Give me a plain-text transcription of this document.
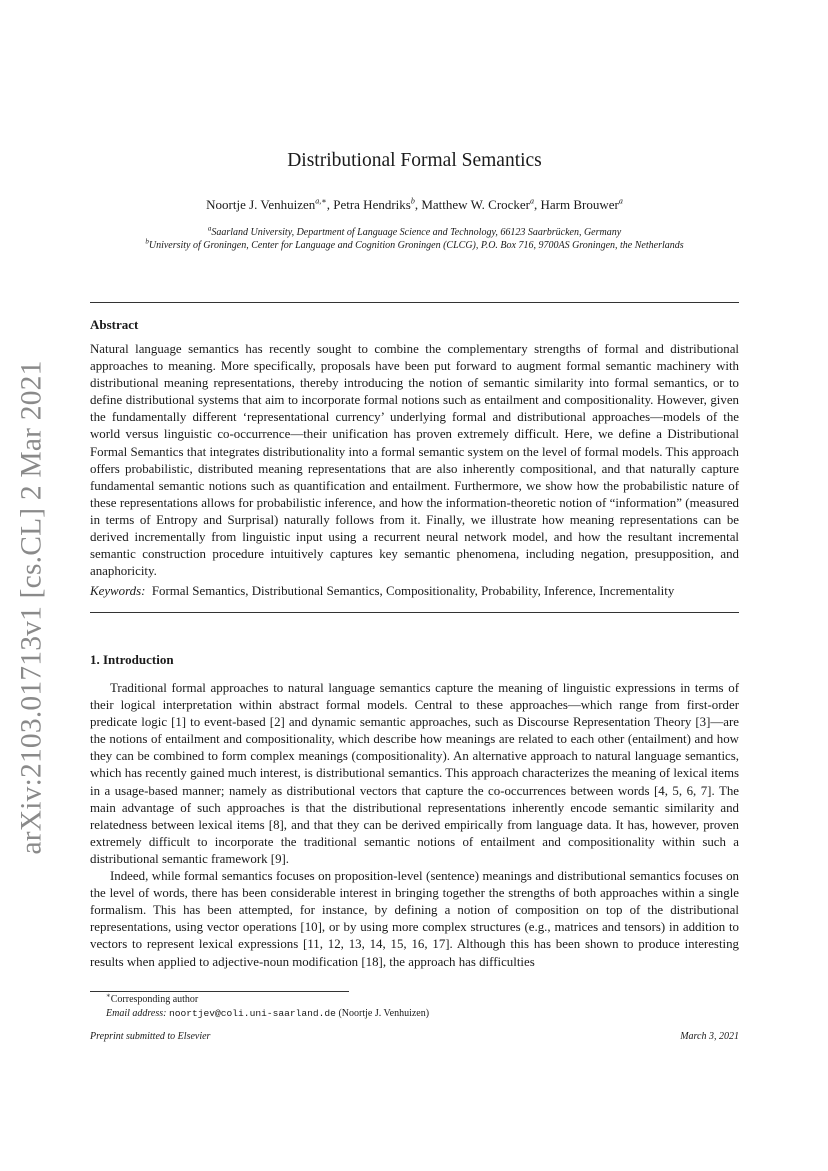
arXiv:2103.01713v1 [cs.CL] 2 Mar 2021
Distributional Formal Semantics
Noortje J. Venhuizen$^{a,∗}$, Petra Hendriks$^b$, Matthew W. Crocker$^a$, Harm Brouwer$^a$
$^a$Saarland University, Department of Language Science and Technology, 66123 Saarbrücken, Germany
$^b$University of Groningen, Center for Language and Cognition Groningen (CLCG), P.O. Box 716, 9700AS Groningen, the Netherlands
Abstract

Natural language semantics has recently sought to combine the complementary strengths of formal and distributional approaches to meaning. More specifically, proposals have been put forward to augment formal semantic machinery with distributional meaning representations, thereby introducing the notion of semantic similarity into formal semantics, or to define distributional systems that aim to incorporate formal notions such as entailment and compositionality. However, given the fundamentally different ‘representational currency’ underlying formal and distributional approaches—models of the world versus linguistic co-occurrence—their unification has proven extremely difficult. Here, we define a Distributional Formal Semantics that integrates distributionality into a formal semantic system on the level of formal models. This approach offers probabilistic, distributed meaning representations that are also inherently compositional, and that naturally capture fundamental semantic notions such as quantification and entailment. Furthermore, we show how the probabilistic nature of these representations allows for probabilistic inference, and how the information-theoretic notion of “information” (measured in terms of Entropy and Surprisal) naturally follows from it. Finally, we illustrate how meaning representations can be derived incrementally from linguistic input using a recurrent neural network model, and how the resultant incremental semantic construction procedure intuitively captures key semantic phenomena, including negation, presupposition, and anaphoricity.

Keywords: Formal Semantics, Distributional Semantics, Compositionality, Probability, Inference, Incrementality
1. Introduction

Traditional formal approaches to natural language semantics capture the meaning of linguistic expressions in terms of their logical interpretation within abstract formal models. Central to these approaches—which range from first-order predicate logic [1] to event-based [2] and dynamic semantic approaches, such as Discourse Representation Theory [3]—are the notions of entailment and compositionality, which describe how meanings are related to each other (entailment) and how they can be combined to form complex meanings (compositionality). An alternative approach to natural language semantics, which has recently gained much interest, is distributional semantics. This approach characterizes the meaning of lexical items in a usage-based manner; namely as distributional vectors that capture the co-occurrences between words [4, 5, 6, 7]. The main advantage of such approaches is that the distributional representations inherently encode semantic similarity and relatedness between lexical items [8], and that they can be derived empirically from language data. It has, however, proven extremely difficult to incorporate the traditional semantic notions of entailment and compositionality within such a distributional semantic framework [9].

Indeed, while formal semantics focuses on proposition-level (sentence) meanings and distributional semantics focuses on the level of words, there has been considerable interest in bringing together the strengths of both approaches within a single formalism. This has been attempted, for instance, by defining a notion of composition on top of the distributional representations, using vector operations [10], or by using more complex structures (e.g., matrices and tensors) in addition to vectors to represent lexical expressions [11, 12, 13, 14, 15, 16, 17]. Although this has been shown to produce interesting results when applied to adjective-noun modification [18], the approach has difficulties

∗Corresponding author
Email address: noortjev@coli.uni-saarland.de (Noortje J. Venhuizen)
Preprint submitted to Elsevier	March 3, 2021
